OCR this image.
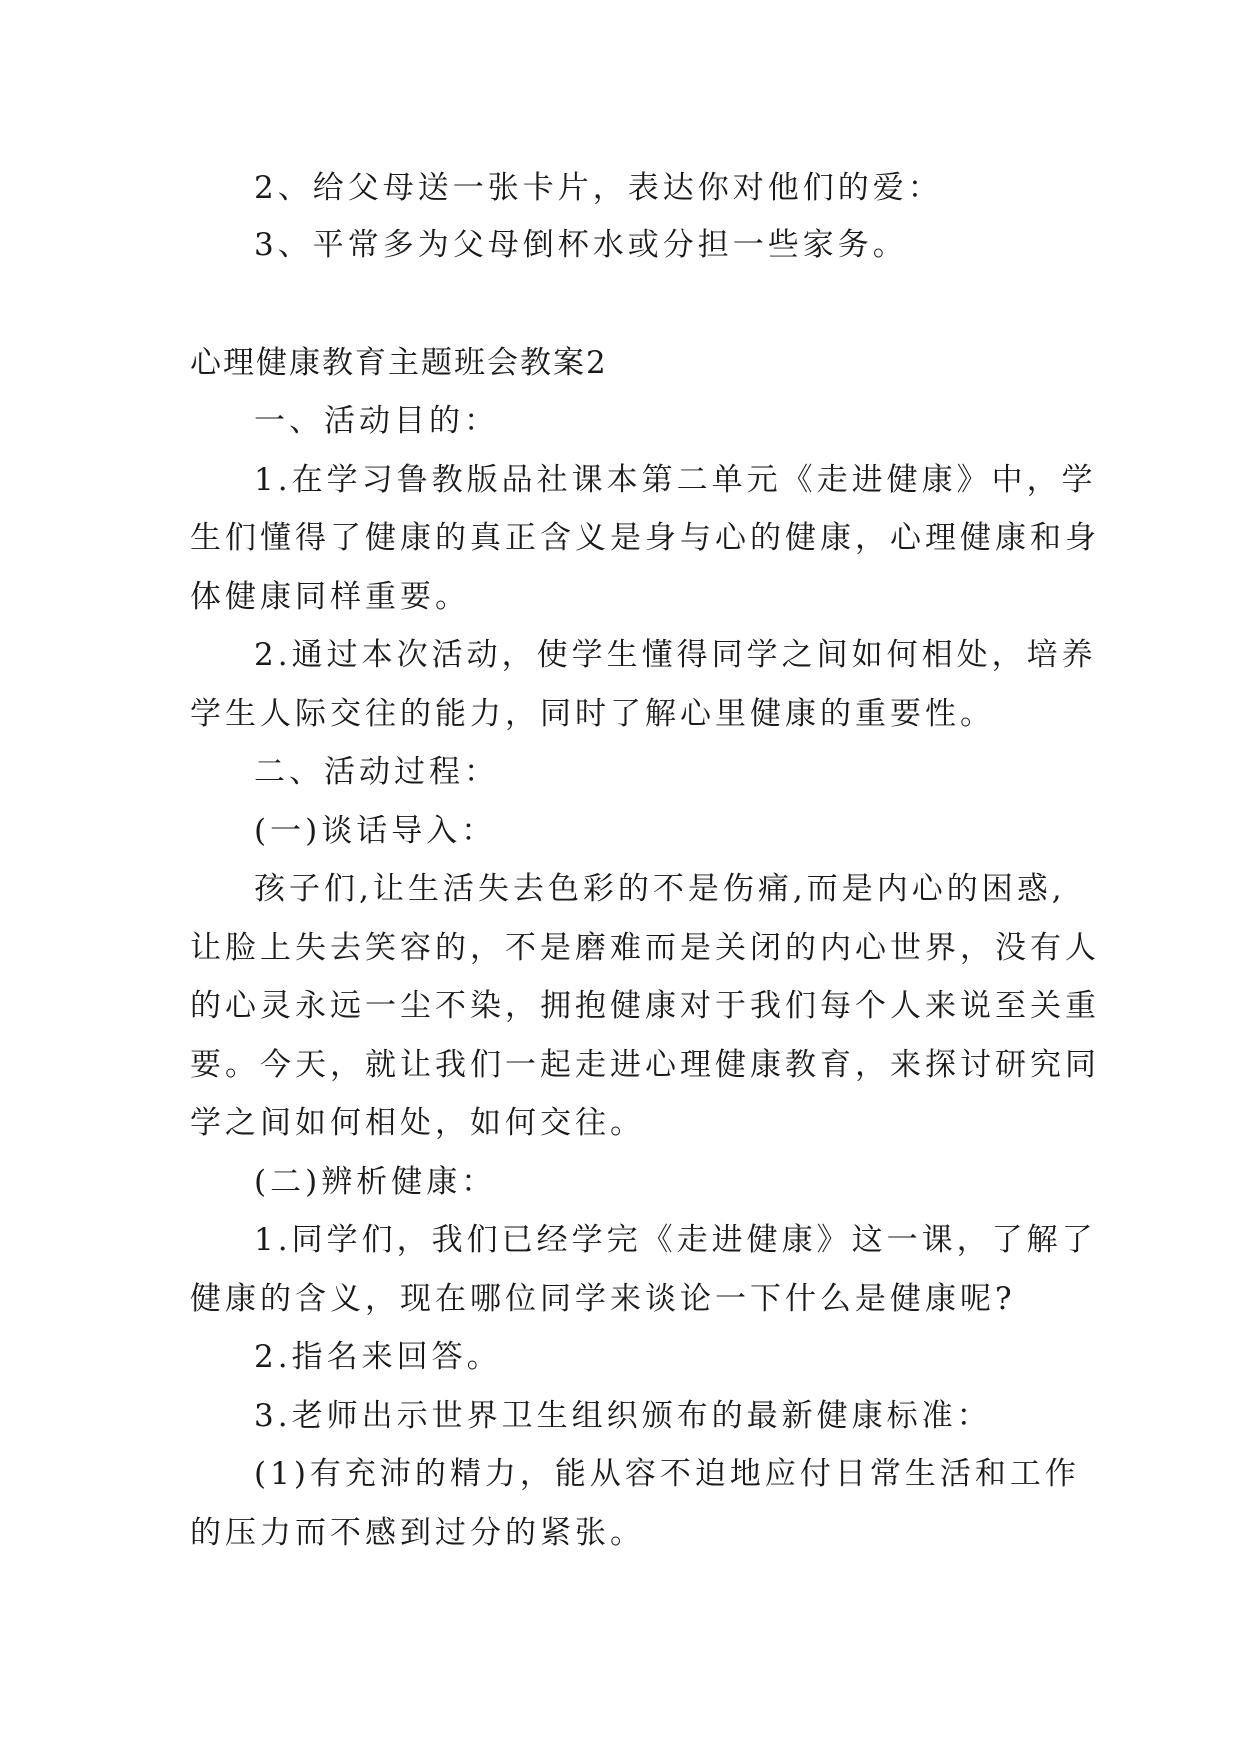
2、给父母送一张卡片，表达你对他们的爱：

3、平常多为父母倒杯水或分担一些家务。

心理健康教育主题班会教案2

一、活动目的：

1.在学习鲁教版品社课本第二单元《走进健康》中，学

生们懂得了健康的真正含义是身与心的健康，心理健康和身

体健康同样重要。

2.通过本次活动，使学生懂得同学之间如何相处，培养

学生人际交往的能力，同时了解心里健康的重要性。

二、活动过程：

(一)谈话导入：

孩子们,让生活失去色彩的不是伤痛,而是内心的困惑,

让脸上失去笑容的，不是磨难而是关闭的内心世界，没有人

的心灵永远一尘不染，拥抱健康对于我们每个人来说至关重

要。今天，就让我们一起走进心理健康教育，来探讨研究同

学之间如何相处，如何交往。

(二)辨析健康：

1.同学们，我们已经学完《走进健康》这一课，了解了

健康的含义，现在哪位同学来谈论一下什么是健康呢?

2.指名来回答。

3.老师出示世界卫生组织颁布的最新健康标准：

(1)有充沛的精力，能从容不迫地应付日常生活和工作

的压力而不感到过分的紧张。
